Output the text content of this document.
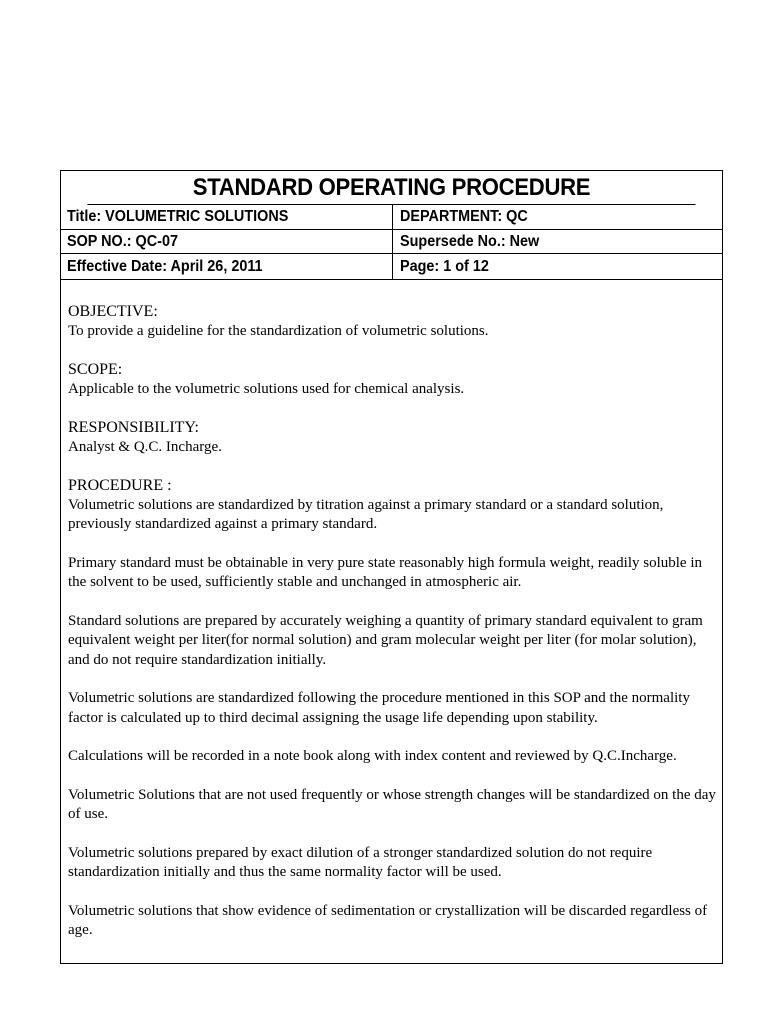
STANDARD OPERATING PROCEDURE
Title: VOLUMETRIC SOLUTIONS	DEPARTMENT: QC
SOP NO.: QC-07	Supersede No.: New
Effective Date: April 26, 2011	Page: 1 of 12

OBJECTIVE:

To provide a guideline for the standardization of volumetric solutions.

SCOPE:

Applicable to the volumetric solutions used for chemical analysis.

RESPONSIBILITY:

Analyst & Q.C. Incharge.

PROCEDURE :

Volumetric solutions are standardized by titration against a primary standard or a standard solution, previously standardized against a primary standard.

Primary standard must be obtainable in very pure state reasonably high formula weight, readily soluble in the solvent to be used, sufficiently stable and unchanged in atmospheric air.

Standard solutions are prepared by accurately weighing a quantity of primary standard equivalent to gram equivalent weight per liter(for normal solution) and gram molecular weight per liter (for molar solution), and do not require standardization initially.

Volumetric solutions are standardized following the procedure mentioned in this SOP and the normality factor is calculated up to third decimal assigning the usage life depending upon stability.

Calculations will be recorded in a note book along with index content and reviewed by Q.C.Incharge.

Volumetric Solutions that are not used frequently or whose strength changes will be standardized on the day of use.

Volumetric solutions prepared by exact dilution of a stronger standardized solution do not require standardization initially and thus the same normality factor will be used.

Volumetric solutions that show evidence of sedimentation or crystallization will be discarded regardless of age.
